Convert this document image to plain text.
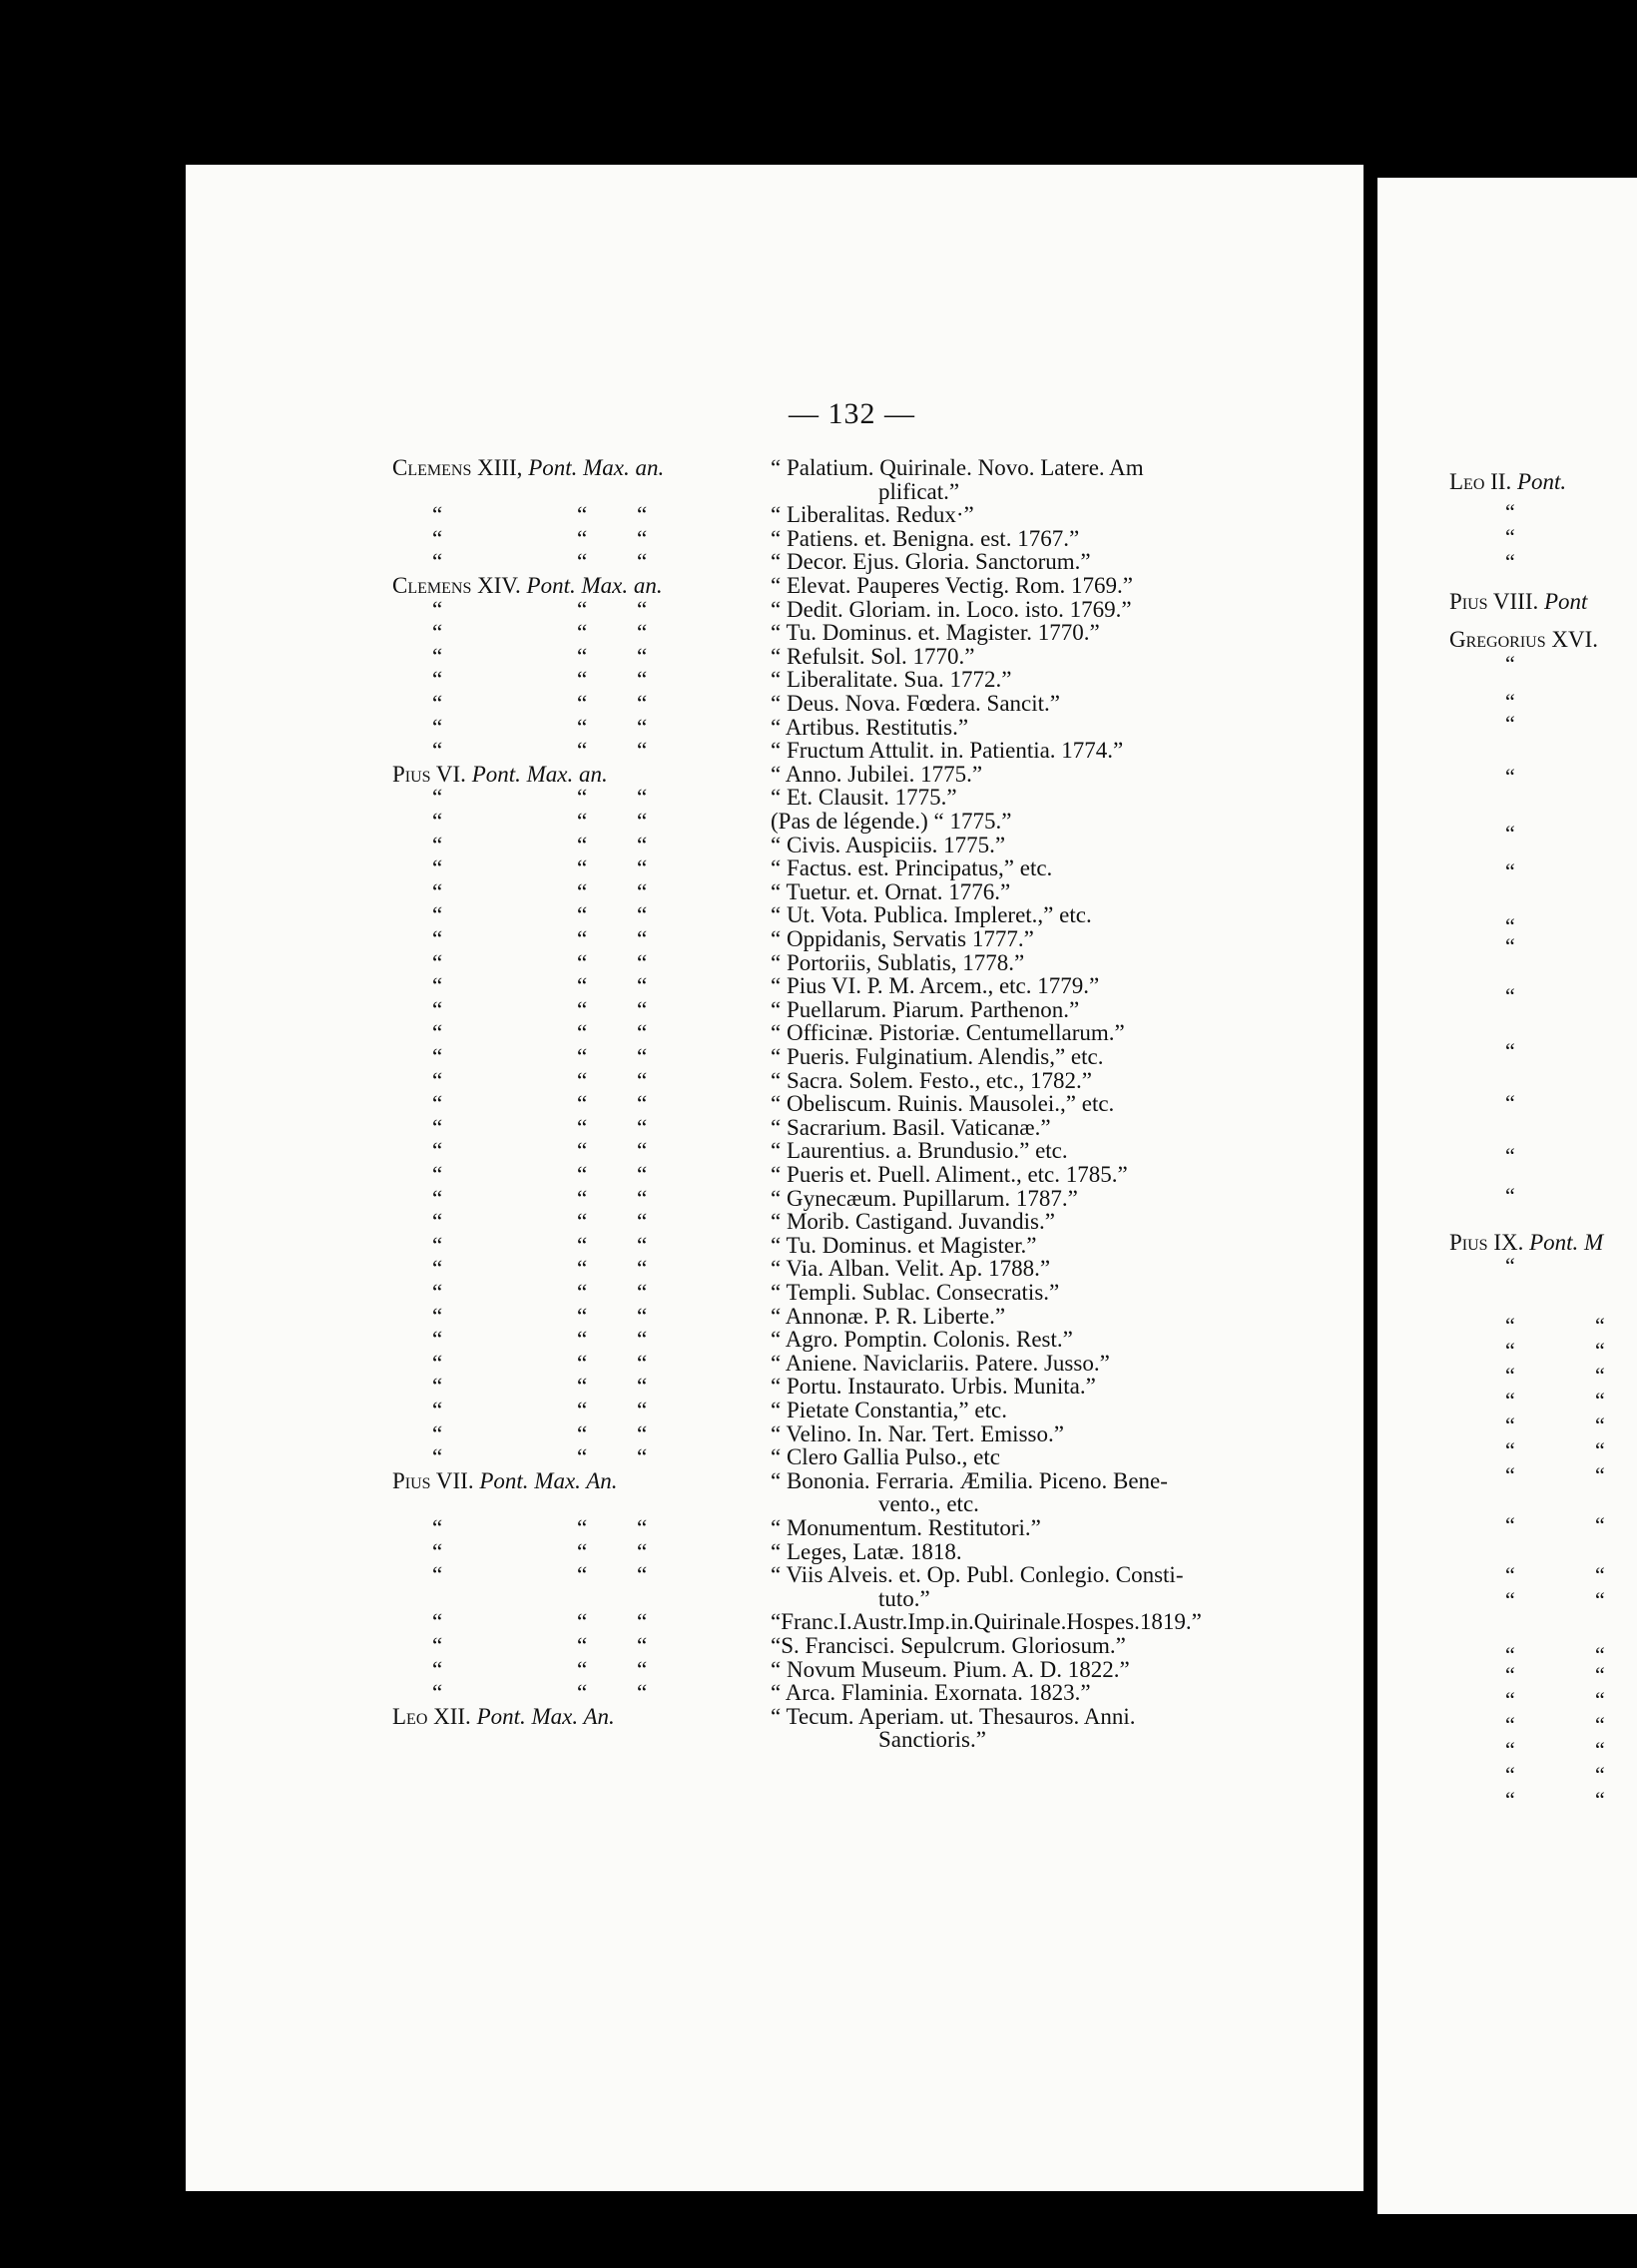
— 132 —
Clemens XIII, Pont. Max. an.	“ Palatium. Quirinale. Novo. Latere. Am
plificat.”
“	“ “	“ Liberalitas. Redux·”
“	“ “	“ Patiens. et. Benigna. est. 1767.”
“	“ “	“ Decor. Ejus. Gloria. Sanctorum.”
Clemens XIV. Pont. Max. an.	“ Elevat. Pauperes Vectig. Rom. 1769.”
“	“ “	“ Dedit. Gloriam. in. Loco. isto. 1769.”
“	“ “	“ Tu. Dominus. et. Magister. 1770.”
“	“ “	“ Refulsit. Sol. 1770.”
“	“ “	“ Liberalitate. Sua. 1772.”
“	“ “	“ Deus. Nova. Fœdera. Sancit.”
“	“ “	“ Artibus. Restitutis.”
“	“ “	“ Fructum Attulit. in. Patientia. 1774.”
Pius VI. Pont. Max. an.	“ Anno. Jubilei. 1775.”
“	“ “	“ Et. Clausit. 1775.”
“	“ “	(Pas de légende.) “ 1775.”
“	“ “	“ Civis. Auspiciis. 1775.”
“	“ “	“ Factus. est. Principatus,” etc.
“	“ “	“ Tuetur. et. Ornat. 1776.”
“	“ “	“ Ut. Vota. Publica. Impleret.,” etc.
“	“ “	“ Oppidanis, Servatis 1777.”
“	“ “	“ Portoriis, Sublatis, 1778.”
“	“ “	“ Pius VI. P. M. Arcem., etc. 1779.”
“	“ “	“ Puellarum. Piarum. Parthenon.”
“	“ “	“ Officinæ. Pistoriæ. Centumellarum.”
“	“ “	“ Pueris. Fulginatium. Alendis,” etc.
“	“ “	“ Sacra. Solem. Festo., etc., 1782.”
“	“ “	“ Obeliscum. Ruinis. Mausolei.,” etc.
“	“ “	“ Sacrarium. Basil. Vaticanæ.”
“	“ “	“ Laurentius. a. Brundusio.” etc.
“	“ “	“ Pueris et. Puell. Aliment., etc. 1785.”
“	“ “	“ Gynecæum. Pupillarum. 1787.”
“	“ “	“ Morib. Castigand. Juvandis.”
“	“ “	“ Tu. Dominus. et Magister.”
“	“ “	“ Via. Alban. Velit. Ap. 1788.”
“	“ “	“ Templi. Sublac. Consecratis.”
“	“ “	“ Annonæ. P. R. Liberte.”
“	“ “	“ Agro. Pomptin. Colonis. Rest.”
“	“ “	“ Aniene. Naviclariis. Patere. Jusso.”
“	“ “	“ Portu. Instaurato. Urbis. Munita.”
“	“ “	“ Pietate Constantia,” etc.
“	“ “	“ Velino. In. Nar. Tert. Emisso.”
“	“ “	“ Clero Gallia Pulso., etc
Pius VII. Pont. Max. An.	“ Bononia. Ferraria. Æmilia. Piceno. Bene-
vento., etc.
“	“ “	“ Monumentum. Restitutori.”
“	“ “	“ Leges, Latæ. 1818.
“	“ “	“ Viis Alveis. et. Op. Publ. Conlegio. Consti-
tuto.”
“	“ “	“Franc.I.Austr.Imp.in.Quirinale.Hospes.1819.”
“	“ “	“S. Francisci. Sepulcrum. Gloriosum.”
“	“ “	“ Novum Museum. Pium. A. D. 1822.”
“	“ “	“ Arca. Flaminia. Exornata. 1823.”
Leo XII. Pont. Max. An.	“ Tecum. Aperiam. ut. Thesauros. Anni.
Sanctioris.”
Leo II. Pont.
Pius VIII. Pont
Gregorius XVI.
Pius IX. Pont. M
“
“
“
“
“
“
“
“
“
“
“
“
“
“
“
“
“
“	“
“	“
“	“
“	“
“	“
“	“
“	“
“	“
“	“
“	“
“	“
“	“
“	“
“	“
“	“
“	“
“	“
